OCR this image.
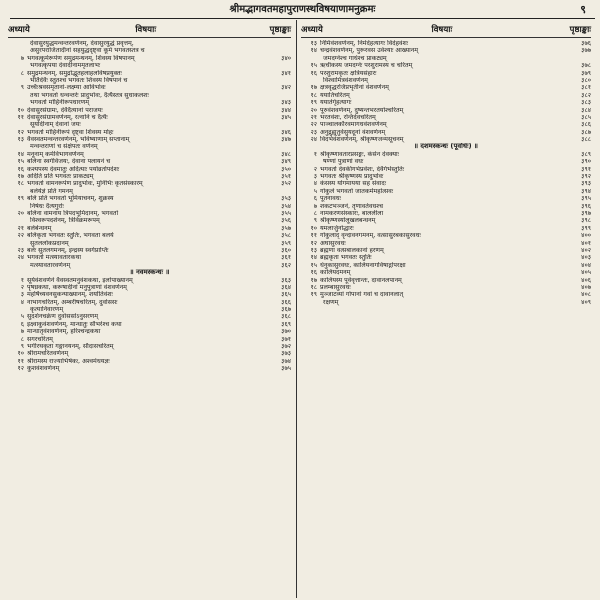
श्रीमद्भागवतमहापुराणस्थविषयाणामनुक्रमः	९
अध्याये	विषयाः	पृष्ठाङ्काः अध्याये	विषयाः	पृष्ठाङ्काः
देवासुरयुद्धमन्वन्तरवर्णनम्, देवासुरयुद्धं प्रवृत्तम्,
असुरपराजितादीनां सहयुद्धदृष्ट्वा कूर्म भगवतस्तत्र च
७ भगवत्कूर्मरूपेण समुद्रमन्थनम्, शिवस्य विषपानम्	३४०
भगवत्कृपया देवादीनाममृतलाभः
८ समुद्रमन्थनम्, समुद्रोद्भूतहलाहलविषप्रयुक्तः	३४१
भीतैर्देवैः स्तुतश्च भगवतः शिवस्य विषपानं च
९ उच्चैःश्रवसमृतानां-लक्ष्म्या आविर्भावः	३४२
तथा भगवतो धन्वन्तरेः प्रादुर्भावः, दैत्यैस्तत्र सुधाकलशः
भगवतो मोहिनीरूपधारणम्	३४३
१० देवासुरसंग्रामः, देवैर्दैत्यानां पराजयः	३४४
११ देवासुरसंग्रामवर्णनम्, रत्नानि च दैत्यैः	३४५
सूर्यादीनाम् देवानां जयः
१२ भगवतो मोहिनीरूपं दृष्ट्वा शिवस्य मोहः	३४६
१३ वैवस्वतमन्वन्तरवर्णनम्, भविष्याणाम् सप्तानाम्	३४७
मन्वन्तराणां च संक्षेपतः वर्णनम्
१४ मनूनाम् कर्मविभागवर्णनम्	३४८
१५ बलिना स्वर्गविजयः, देवाना पलायनं च	३४९
१६ कश्यपस्य देवमातुः अदित्याः पयोव्रतोपदेशः	३५०
१७ अदितिं प्रति भगवतः प्राकट्यम्	३५१
१८ भगवतो वामनरूपेण प्रादुर्भावः, मुनिभिः कृतसंस्कारम्	३५२
बलेर्यज्ञं प्रति गमनम्
१९ बलिं प्रति भगवतो भूमियाचनम्, शुक्रस्य	३५३
निषेधः दैत्यगुरोः	३५४
२० बलिना वामनाय त्रिपदभूमिदानम्, भगवतो	३५५
विश्वरूपदर्शनम्, त्रिविक्रमरूपम्	३५६
२१ बलेर्बन्धनम्	३५७
२२ बलिकृता भगवतः स्तुतिः, भगवता बलये	३५८
सुतललोकप्रदानम्	३५९
२३ बलेः सुतलगमनम्, इन्द्रस्य स्वर्गप्राप्तिः	३६०
२४ भगवतो मत्स्यावतारकथा	३६१
मत्स्यावतारवर्णनम्	३६२
॥ नवमस्कन्धः ॥
१ सूर्यवंशवर्णने वैवस्वतमनुवंशकथा, इलोपाख्यानम्	३६३
२ पृषध्रकथा, करूषादीनां मनुपुत्राणां वंशवर्णनम्	३६४
३ महर्षिच्यवनसुकन्याख्यानम्, शर्यातिवंशः	३६५
४ नाभागचरितम्, अम्बरीषचरितम्, दुर्वाससः	३६६
कृत्यानिवारणम्	३६७
५ सुदर्शनचक्रेण दुर्वाससोऽनुसरणम्	३६८
६ इक्ष्वाकुवंशवर्णनम्, मान्धातुः सौभरेश्च कथा	३६९
७ मान्धातृवंशवर्णनम्, हरिश्चन्द्रकथा	३७०
८ सगरचरितम्	३७१
९ भगीरथकृता गङ्गानयनम्, सौदासचरितम्	३७२
१० श्रीरामचरितवर्णनम्	३७३
११ श्रीरामस्य राज्याभिषेकः, अश्वमेधयज्ञः	३७४
१२ कुशवंशवर्णनम्	३७५
१३ निमिवंशवर्णनम्, निमेर्देहत्यागः विदेहवंशः	३७६
१४ चन्द्रवंशवर्णनम्, पुरूरवस उर्वश्याः आख्यानम्	३७७
जमदग्नेश्च गाधेश्च प्राकट्यम्
१५ ऋचीकस्य जमदग्नेः परशुरामस्य च चरितम्	३७८
१६ परशुरामकृतः क्षत्रियसंहारः	३७९
विश्वामित्रवंशवर्णनम्	३८०
१७ क्षत्रवृद्धरजिप्रभृतीनां वंशवर्णनम्	३८१
१८ ययातिचरितम्	३८२
१९ ययातेर्गृहत्यागः	३८३
२० पूरुवंशवर्णनम्, दुष्यन्तभरतयोश्चरितम्	३८४
२१ भरतवंशः, रन्तिदेवचरितम्	३८५
२२ पाञ्चालकौरवमागधवंशवर्णनम्	३८६
२३ अनुद्रुह्युतुर्वसुयदूनां वंशवर्णनम्	३८७
२४ विदर्भवंशवर्णनम्, श्रीकृष्णजन्मसूचनम्	३८८
॥ दशमस्कन्धः (पूर्वार्धः) ॥
१ श्रीकृष्णावतारप्रसङ्गः, कंसेन देवक्याः	३८९
षण्णां पुत्राणां वधः	३९०
२ भगवतो देवकीगर्भप्रवेशः, देवैर्गर्भस्तुतिः	३९१
३ भगवतः श्रीकृष्णस्य प्रादुर्भावः	३९२
४ कंसस्य योगमायया सह संवादः	३९३
५ गोकुले भगवतो जातकर्ममहोत्सवः	३९४
६ पूतनावधः	३९५
७ शकटभञ्जनं, तृणावर्तवधश्च	३९६
८ नामकरणसंस्कारः, बाललीला	३९७
९ श्रीकृष्णस्योलूखलबन्धनम्	३९८
१० यमलार्जुनोद्धारः	३९९
११ गोकुलाद् वृन्दावनगमनम्, वत्सासुरबकासुरवधः	४००
१२ अघासुरवधः	४०१
१३ ब्रह्मणा वत्सबालकानां हरणम्	४०२
१४ ब्रह्मकृता भगवतः स्तुतिः	४०३
१५ धेनुकासुरवधः, कालियनागविषाद्गोपरक्षा	४०४
१६ कालियदमनम्	४०५
१७ कालियस्य पूर्ववृत्तान्तः, दावानलपानम्	४०६
१८ प्रलम्बासुरवधः	४०७
१९ मुञ्जाटव्यां गोपानां गवां च दावानलात्	४०८
रक्षणम्	४०९
